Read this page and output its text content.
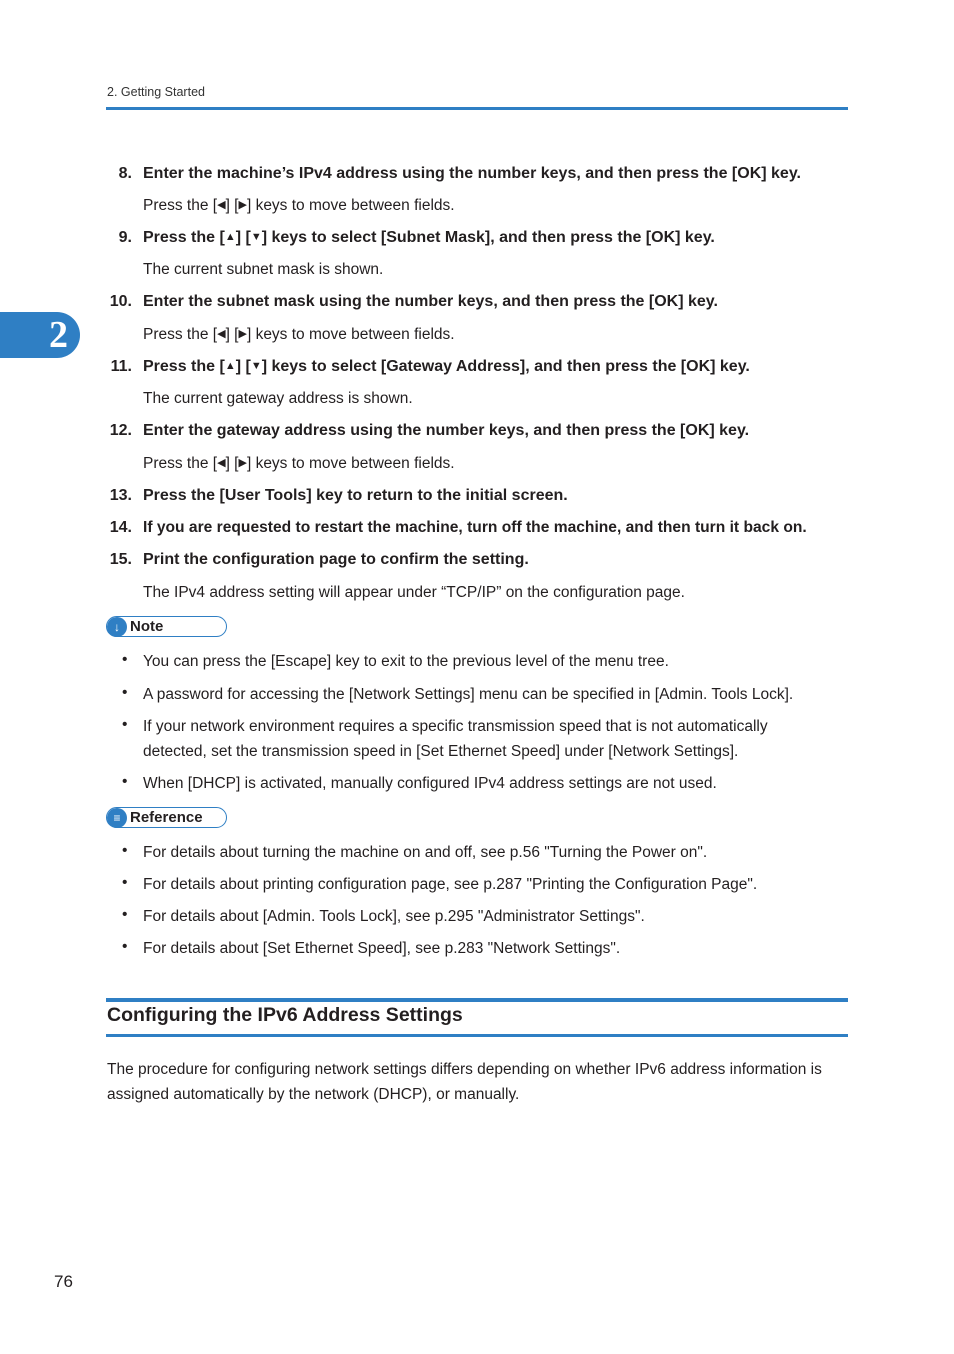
2. Getting Started
2
8. Enter the machine’s IPv4 address using the number keys, and then press the [OK] key.
Press the [◀] [▶] keys to move between fields.
9. Press the [▲] [▼] keys to select [Subnet Mask], and then press the [OK] key.
The current subnet mask is shown.
10. Enter the subnet mask using the number keys, and then press the [OK] key.
Press the [◀] [▶] keys to move between fields.
11. Press the [▲] [▼] keys to select [Gateway Address], and then press the [OK] key.
The current gateway address is shown.
12. Enter the gateway address using the number keys, and then press the [OK] key.
Press the [◀] [▶] keys to move between fields.
13. Press the [User Tools] key to return to the initial screen.
14. If you are requested to restart the machine, turn off the machine, and then turn it back on.
15. Print the configuration page to confirm the setting.
The IPv4 address setting will appear under “TCP/IP” on the configuration page.
↓ Note
• You can press the [Escape] key to exit to the previous level of the menu tree.
• A password for accessing the [Network Settings] menu can be specified in [Admin. Tools Lock].
• If your network environment requires a specific transmission speed that is not automatically
detected, set the transmission speed in [Set Ethernet Speed] under [Network Settings].
• When [DHCP] is activated, manually configured IPv4 address settings are not used.
≡ Reference
• For details about turning the machine on and off, see p.56 "Turning the Power on".
• For details about printing configuration page, see p.287 "Printing the Configuration Page".
• For details about [Admin. Tools Lock], see p.295 "Administrator Settings".
• For details about [Set Ethernet Speed], see p.283 "Network Settings".
Configuring the IPv6 Address Settings
The procedure for configuring network settings differs depending on whether IPv6 address information is assigned automatically by the network (DHCP), or manually.
76
